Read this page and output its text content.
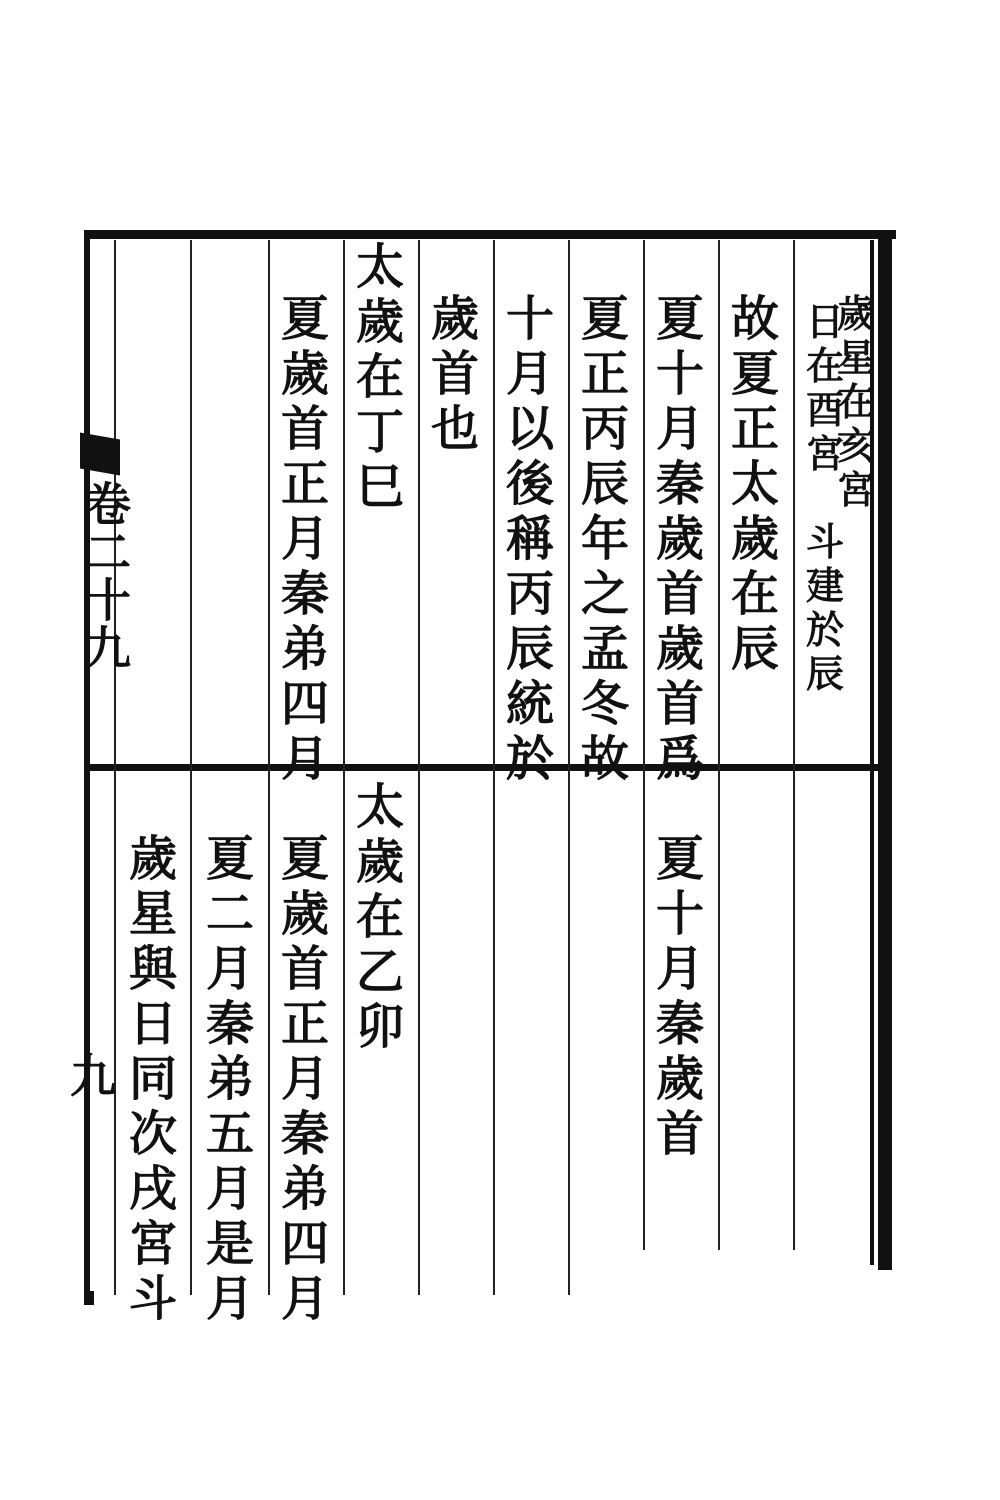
卷二十九
九
歲
星
在
亥
宮
日
在
酉
宮
斗
建
於
辰
故
夏
正
太
歲
在
辰
夏
十
月
秦
歲
首
歲
首
爲
夏
正
丙
辰
年
之
孟
冬
故
十
月
以
後
稱
丙
辰
統
於
歲
首
也
太
歲
在
丁
巳
夏
歲
首
正
月
秦
弟
四
月
夏
十
月
秦
歲
首
太
歲
在
乙
卯
夏
歲
首
正
月
秦
弟
四
月
夏
二
月
秦
弟
五
月
是
月
歲
星
與
日
同
次
戌
宮
斗
